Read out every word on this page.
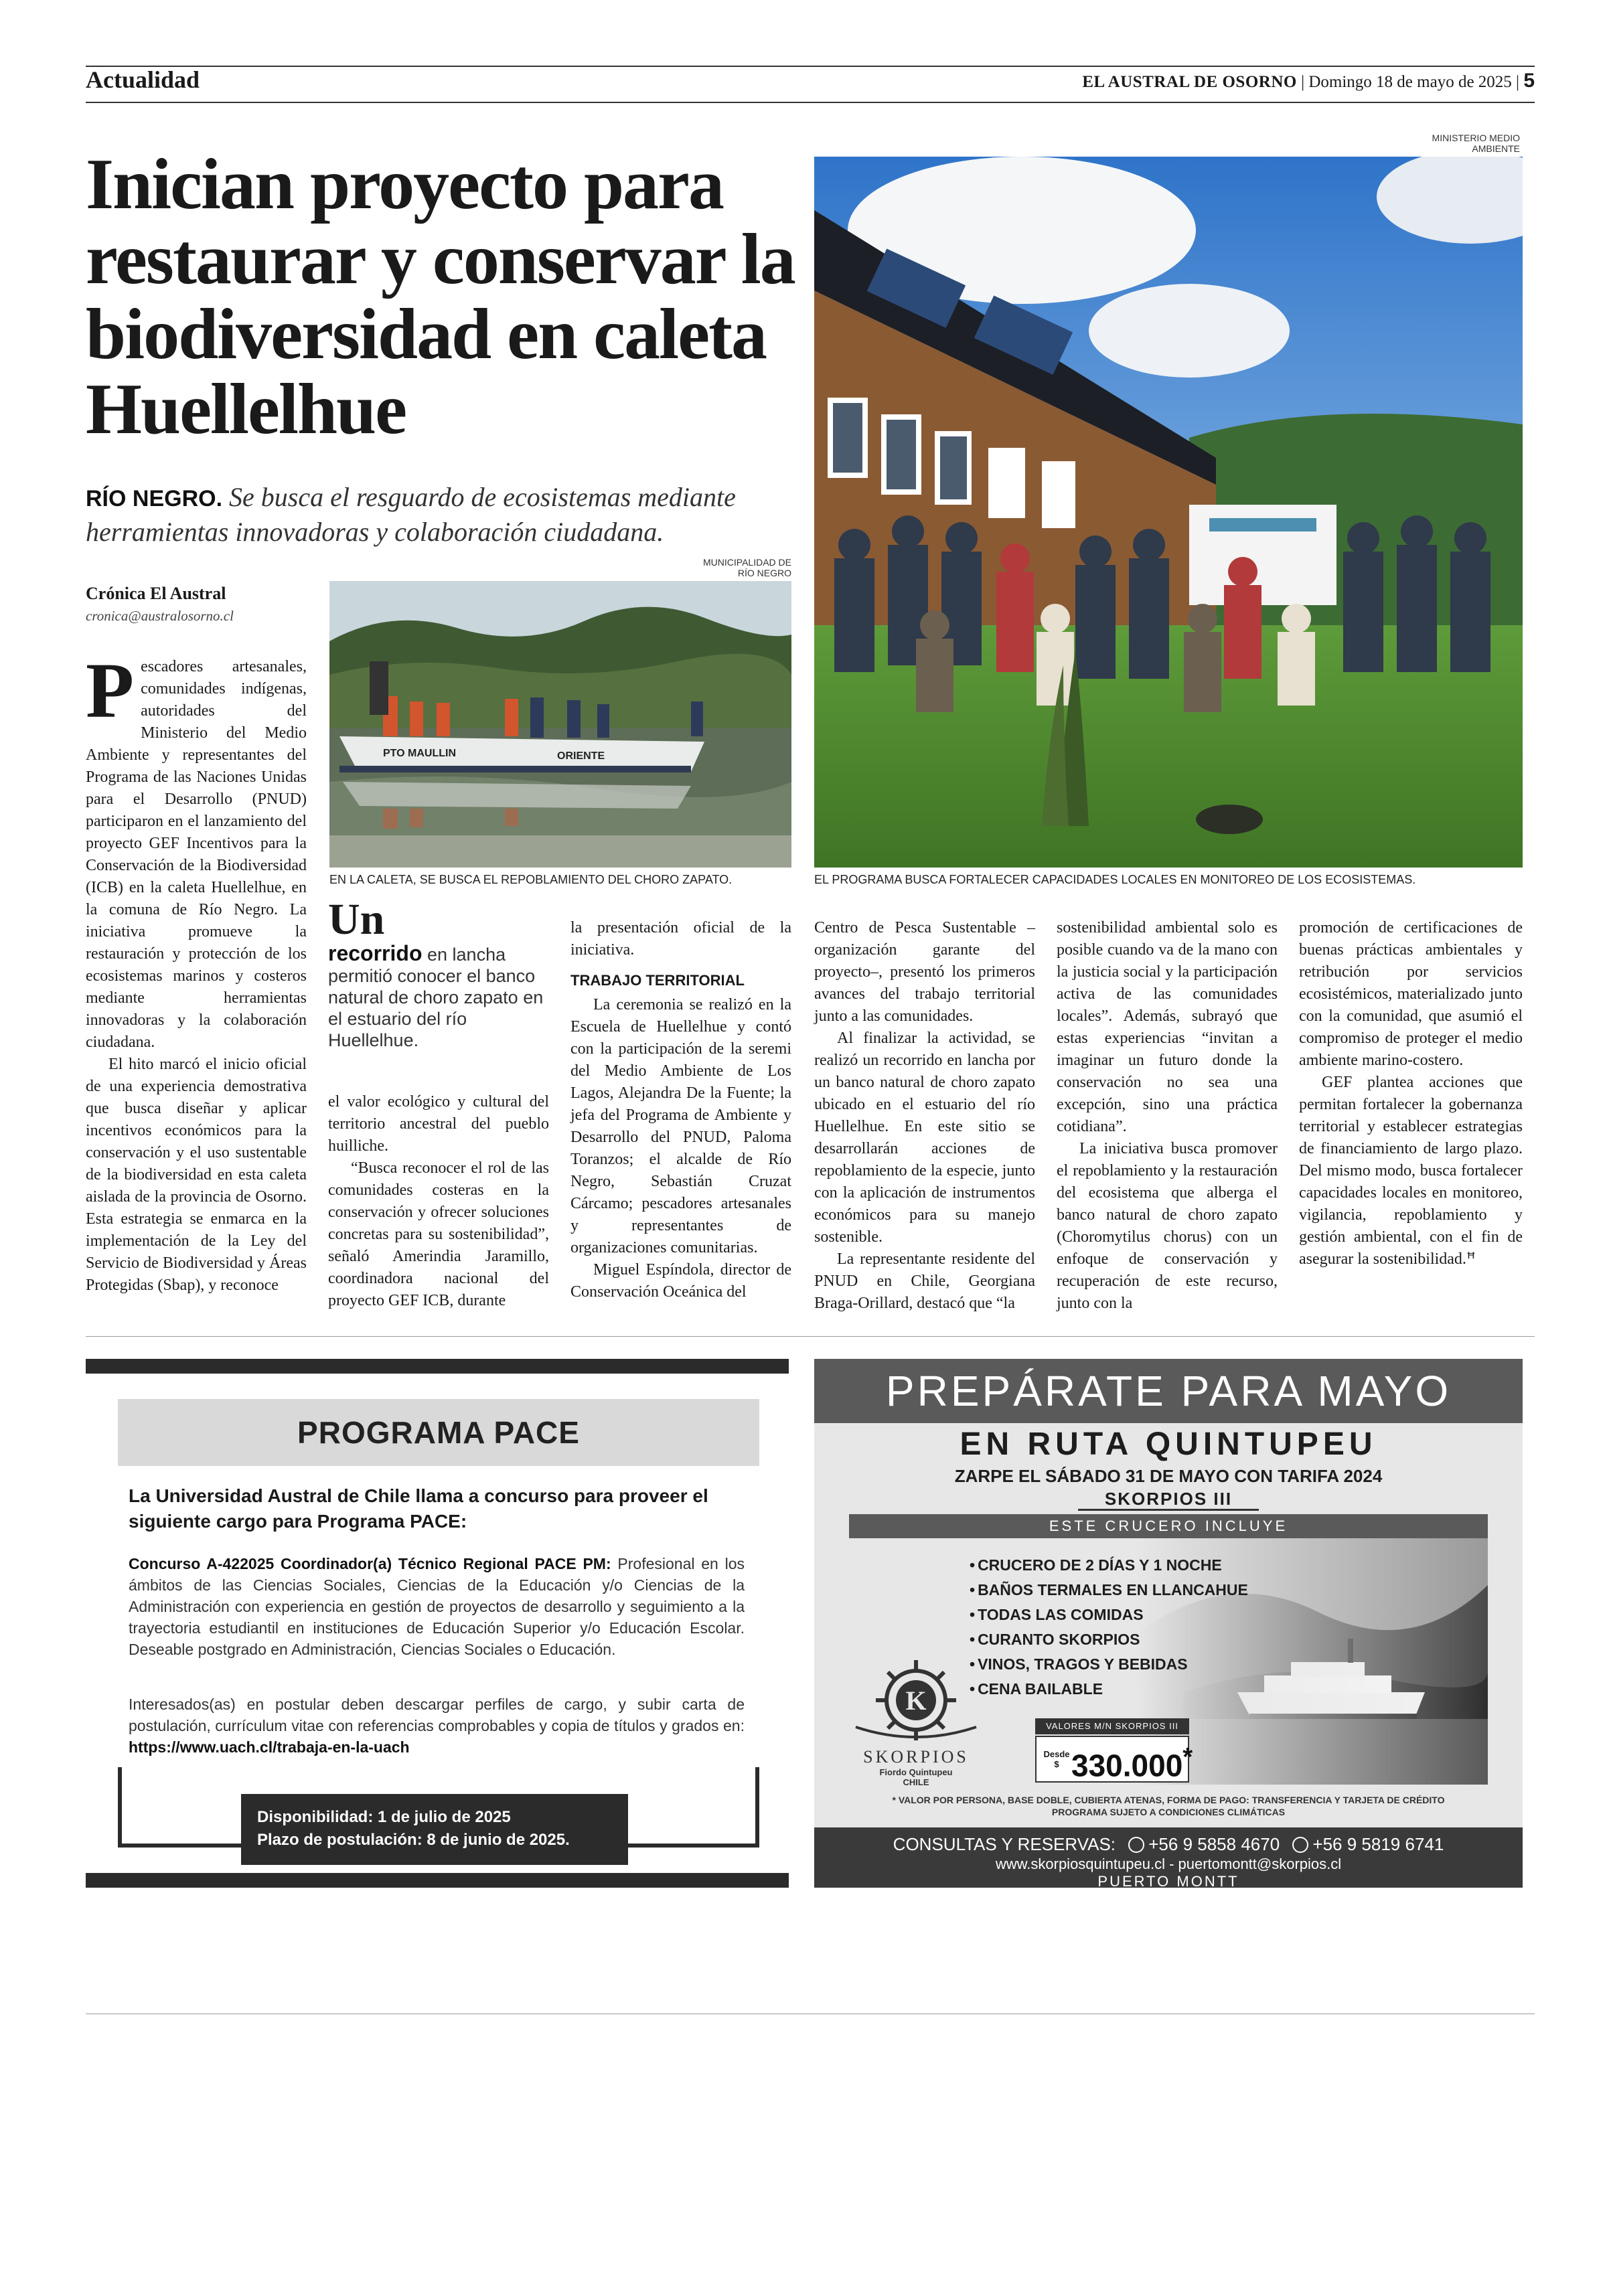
Actualidad	EL AUSTRAL DE OSORNO | Domingo 18 de mayo de 2025 | 5
Inician proyecto para restaurar y conservar la biodiversidad en caleta Huellelhue
RÍO NEGRO. Se busca el resguardo de ecosistemas mediante herramientas innovadoras y colaboración ciudadana.
MUNICIPALIDAD DE
RÍO NEGRO
PTO MAULLIN	ORIENTE
EN LA CALETA, SE BUSCA EL REPOBLAMIENTO DEL CHORO ZAPATO.
MINISTERIO MEDIO
AMBIENTE
EL PROGRAMA BUSCA FORTALECER CAPACIDADES LOCALES EN MONITOREO DE LOS ECOSISTEMAS.
Crónica El Austral
cronica@australosorno.cl

Pescadores artesanales, comunidades indígenas, autoridades del Ministerio del Medio Ambiente y representantes del Programa de las Naciones Unidas para el Desarrollo (PNUD) participaron en el lanzamiento del proyecto GEF Incentivos para la Conservación de la Biodiversidad (ICB) en la caleta Huellelhue, en la comuna de Río Negro. La iniciativa promueve la restauración y protección de los ecosistemas marinos y costeros mediante herramientas innovadoras y la colaboración ciudadana.

El hito marcó el inicio oficial de una experiencia demostrativa que busca diseñar y aplicar incentivos económicos para la conservación y el uso sustentable de la biodiversidad en esta caleta aislada de la provincia de Osorno. Esta estrategia se enmarca en la implementación de la Ley del Servicio de Biodiversidad y Áreas Protegidas (Sbap), y reconoce

Un
recorrido en lancha permitió conocer el banco natural de choro zapato en el estuario del río Huellelhue.

el valor ecológico y cultural del territorio ancestral del pueblo huilliche.

“Busca reconocer el rol de las comunidades costeras en la conservación y ofrecer soluciones concretas para su sostenibilidad”, señaló Amerindia Jaramillo, coordinadora nacional del proyecto GEF ICB, durante

la presentación oficial de la iniciativa.

TRABAJO TERRITORIAL

La ceremonia se realizó en la Escuela de Huellelhue y contó con la participación de la seremi del Medio Ambiente de Los Lagos, Alejandra De la Fuente; la jefa del Programa de Ambiente y Desarrollo del PNUD, Paloma Toranzos; el alcalde de Río Negro, Sebastián Cruzat Cárcamo; pescadores artesanales y representantes de organizaciones comunitarias.

Miguel Espíndola, director de Conservación Oceánica del

Centro de Pesca Sustentable –organización garante del proyecto–, presentó los primeros avances del trabajo territorial junto a las comunidades.

Al finalizar la actividad, se realizó un recorrido en lancha por un banco natural de choro zapato ubicado en el estuario del río Huellelhue. En este sitio se desarrollarán acciones de repoblamiento de la especie, junto con la aplicación de instrumentos económicos para su manejo sostenible.

La representante residente del PNUD en Chile, Georgiana Braga-Orillard, destacó que “la

sostenibilidad ambiental solo es posible cuando va de la mano con la justicia social y la participación activa de las comunidades locales”. Además, subrayó que estas experiencias “invitan a imaginar un futuro donde la conservación no sea una excepción, sino una práctica cotidiana”.

La iniciativa busca promover el repoblamiento y la restauración del ecosistema que alberga el banco natural de choro zapato (Choromytilus chorus) con un enfoque de conservación y recuperación de este recurso, junto con la

promoción de certificaciones de buenas prácticas ambientales y retribución por servicios ecosistémicos, materializado junto con la comunidad, que asumió el compromiso de proteger el medio ambiente marino-costero.

GEF plantea acciones que permitan fortalecer la gobernanza territorial y establecer estrategias de financiamiento de largo plazo. Del mismo modo, busca fortalecer capacidades locales en monitoreo, vigilancia, repoblamiento y gestión ambiental, con el fin de asegurar la sostenibilidad.ꟸ

PROGRAMA PACE
La Universidad Austral de Chile llama a concurso para proveer el siguiente cargo para Programa PACE:
Concurso A-422025 Coordinador(a) Técnico Regional PACE PM: Profesional en los ámbitos de las Ciencias Sociales, Ciencias de la Educación y/o Ciencias de la Administración con experiencia en gestión de proyectos de desarrollo y seguimiento a la trayectoria estudiantil en instituciones de Educación Superior y/o Educación Escolar. Deseable postgrado en Administración, Ciencias Sociales o Educación.
Interesados(as) en postular deben descargar perfiles de cargo, y subir carta de postulación, currículum vitae con referencias comprobables y copia de títulos y grados en: https://www.uach.cl/trabaja-en-la-uach
Disponibilidad: 1 de julio de 2025
Plazo de postulación: 8 de junio de 2025.
PREPÁRATE PARA MAYO
EN RUTA QUINTUPEU
ZARPE EL SÁBADO 31 DE MAYO CON TARIFA 2024
SKORPIOS III
ESTE CRUCERO INCLUYE
• CRUCERO DE 2 DÍAS Y 1 NOCHE
• BAÑOS TERMALES EN LLANCAHUE
• TODAS LAS COMIDAS
• CURANTO SKORPIOS
• VINOS, TRAGOS Y BEBIDAS
• CENA BAILABLE
K
SKORPIOS
Fiordo Quintupeu
CHILE
VALORES M/N SKORPIOS III
Desde
$ 330.000*
* VALOR POR PERSONA, BASE DOBLE, CUBIERTA ATENAS, FORMA DE PAGO: TRANSFERENCIA Y TARJETA DE CRÉDITO
PROGRAMA SUJETO A CONDICIONES CLIMÁTICAS
CONSULTAS Y RESERVAS: +56 9 5858 4670 +56 9 5819 6741
www.skorpiosquintupeu.cl - puertomontt@skorpios.cl
PUERTO MONTT
